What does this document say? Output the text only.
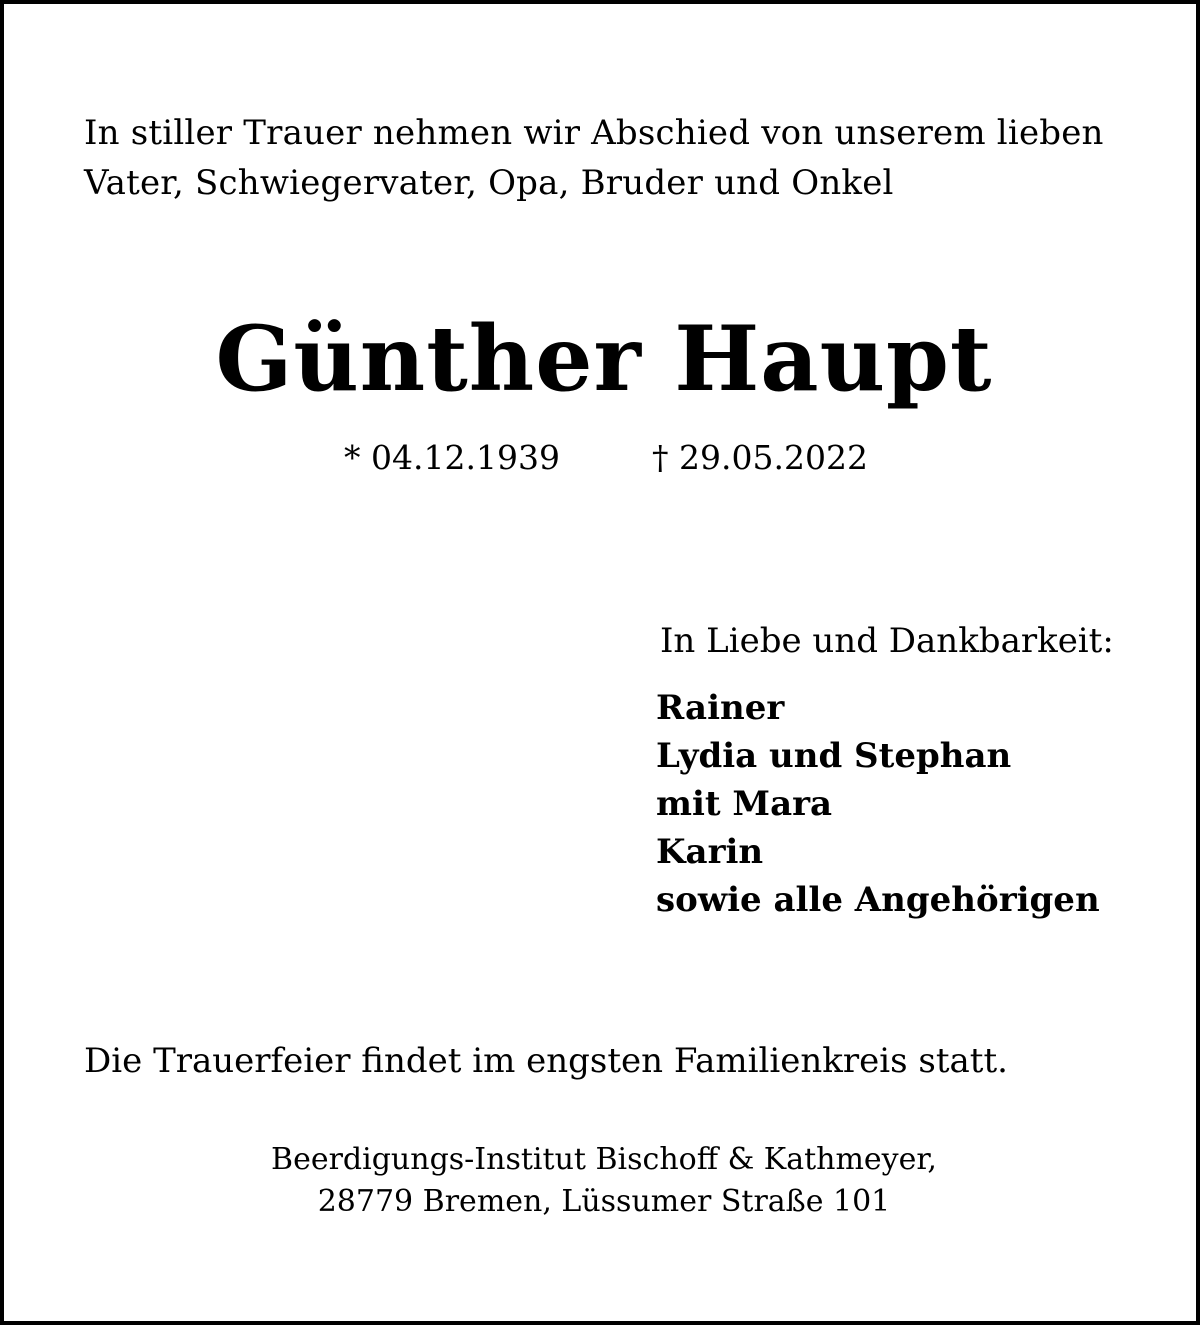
In stiller Trauer nehmen wir Abschied von unserem lieben
Vater, Schwiegervater, Opa, Bruder und Onkel
Günther Haupt
* 04.12.1939	† 29.05.2022
In Liebe und Dankbarkeit:
Rainer
Lydia und Stephan
mit Mara
Karin
sowie alle Angehörigen
Die Trauerfeier findet im engsten Familienkreis statt.
Beerdigungs-Institut Bischoff & Kathmeyer,
28779 Bremen, Lüssumer Straße 101
